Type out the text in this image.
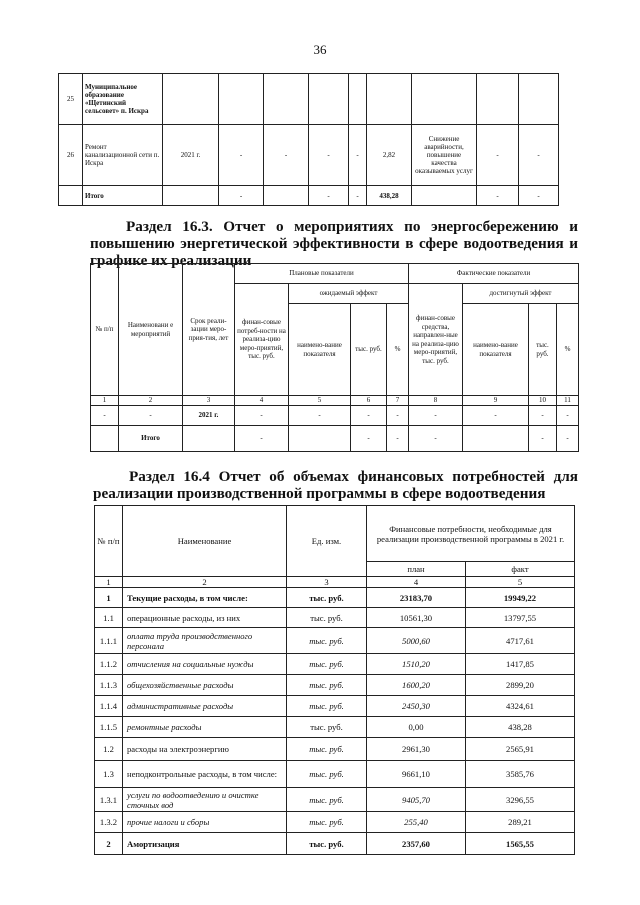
36
25	Муниципальное образование «Щетинский сельсовет» п. Искра									
26	Ремонт канализационной сети п. Искра	2021 г.	-	-	-	-	2,82	Снижение аварийности, повышение качества оказываемых услуг	-	-
	Итого		-		-	-	438,28		-	-
Раздел 16.3. Отчет о мероприятиях по энергосбережению и
повышению энергетической эффективности в сфере водоотведения и
графике их реализации
№ п/п	Наименовани е мероприятий	Срок реали-зации меро-прия-тия, лет	Плановые показатели				Фактические показатели			
			финан-совые потреб-ности на реализа-цию меро-приятий, тыс. руб.	ожидаемый эффект			финан-совые средства, направлен-ные на реализа-цию меро-приятий, тыс. руб.	достигнутый эффект		
				наимено-вание показателя	тыс. руб.	%		наимено-вание показателя	тыс. руб.	%
1	2	3	4	5	6	7	8	9	10	11
-	-	2021 г.	-	-	-	-	-	-	-	-
	Итого		-		-	-	-		-	-
Раздел 16.4 Отчет об объемах финансовых потребностей для
реализации производственной программы в сфере водоотведения
№ п/п	Наименование	Ед. изм.	Финансовые потребности, необходимые для реализации производственной программы в 2021 г.	
			план	факт
1	2	3	4	5
1	Текущие расходы, в том числе:	тыс. руб.	23183,70	19949,22
1.1	операционные расходы, из них	тыс. руб.	10561,30	13797,55
1.1.1	оплата труда производственного персонала	тыс. руб.	5000,60	4717,61
1.1.2	отчисления на социальные нужды	тыс. руб.	1510,20	1417,85
1.1.3	общехозяйственные расходы	тыс. руб.	1600,20	2899,20
1.1.4	административные расходы	тыс. руб.	2450,30	4324,61
1.1.5	ремонтные расходы	тыс. руб.	0,00	438,28
1.2	расходы на электроэнергию	тыс. руб.	2961,30	2565,91
1.3	неподконтрольные расходы, в том числе:	тыс. руб.	9661,10	3585,76
1.3.1	услуги по водоотведению и очистке сточных вод	тыс. руб.	9405,70	3296,55
1.3.2	прочие налоги и сборы	тыс. руб.	255,40	289,21
2	Амортизация	тыс. руб.	2357,60	1565,55
